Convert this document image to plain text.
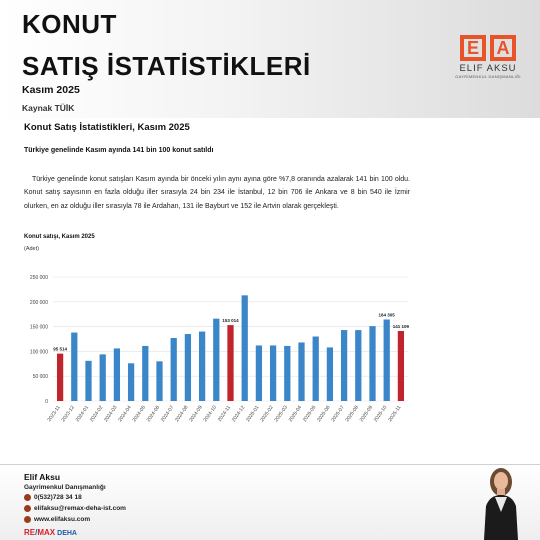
KONUT
SATIŞ İSTATİSTİKLERİ
Kasım 2025
Kaynak TÜİK
E A
ELIF AKSU
GAYRİMENKUL DANIŞMANLIĞI
Konut Satış İstatistikleri, Kasım 2025
Türkiye genelinde Kasım ayında 141 bin 100 konut satıldı

Türkiye genelinde konut satışları Kasım ayında bir önceki yılın aynı ayına göre %7,8 oranında azalarak 141 bin 100 oldu. Konut satış sayısının en fazla olduğu iller sırasıyla 24 bin 234 ile İstanbul, 12 bin 706 ile Ankara ve 8 bin 540 ile İzmir olurken, en az olduğu iller sırasıyla 78 ile Ardahan, 131 ile Bayburt ve 152 ile Artvin olarak gerçekleşti.

Konut satışı, Kasım 2025
(Adet)
0
50 000
100 000
150 000
200 000
250 000
2023-11
2023-12
2024-01
2024-02
2024-03
2024-04
2024-05
2024-06
2024-07
2024-08
2024-09
2024-10
2024-11
2024-12
2025-01
2025-02
2025-03
2025-04
2025-05
2025-06
2025-07
2025-08
2025-09
2025-10
2025-11
95 514
153 014
164 305
141 109
Elif Aksu
Gayrimenkul Danışmanlığı
0(532)728 34 18
elifaksu@remax-deha-ist.com
www.elifaksu.com
RE/MAX DEHA
